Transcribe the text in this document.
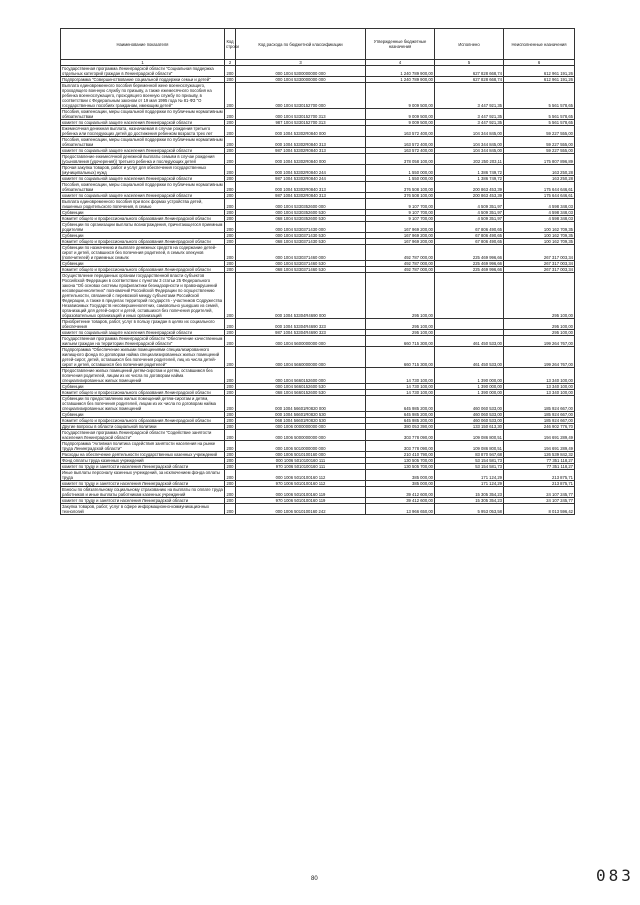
Наименование показателя	Код строки	Код расхода по бюджетной классификации	Утвержденные бюджетные назначения	Исполнено	Неисполненные назначения
1	2	3	4	5	6
Государственная программа Ленинградской области "Социальная поддержка отдельных категорий граждан в Ленинградской области"	200	000 1004 5300000000 000	1 240 789 900,00	627 828 668,74	612 961 191,26
Подпрограмма "Совершенствование социальной поддержки семьи и детей"	200	000 1004 5330000000 000	1 240 789 900,00	627 828 668,74	612 961 191,26
Выплата единовременного пособия беременной жене военнослужащего, проходящего военную службу по призыву, а также ежемесячного пособия на ребенка военнослужащего, проходящего военную службу по призыву, в соответствии с Федеральным законом от 19 мая 1995 года № 81-ФЗ "О государственных пособиях гражданам, имеющим детей"	200	000 1004 5330152700 000	9 009 500,00	3 447 921,35	5 561 578,65
Пособия, компенсации, меры социальной поддержки по публичным нормативным обязательствам	200	000 1004 5330152700 313	9 009 500,00	3 447 921,35	5 561 578,65
комитет по социальной защите населения Ленинградской области	200	987 1004 5330152700 313	9 009 500,00	3 447 921,35	5 561 578,65
Ежемесячная денежная выплата, назначаемая в случае рождения третьего ребенка или последующих детей до достижения ребенком возраста трех лет	200	000 1004 53302R0840 000	163 572 400,00	104 344 845,00	59 227 555,00
Пособия, компенсации, меры социальной поддержки по публичным нормативным обязательствам	200	000 1004 53302R0840 313	163 572 400,00	104 344 845,00	59 227 555,00
комитет по социальной защите населения Ленинградской области	200	987 1004 53302R0840 313	163 572 400,00	104 344 845,00	59 227 555,00
Предоставление ежемесячной денежной выплаты семьям в случае рождения (усыновления (удочерения)) третьего ребенка и последующих детей	200	000 1004 53302R0840 000	378 058 100,00	202 250 203,11	175 807 896,89
Прочая закупка товаров, работ и услуг для обеспечения государственных (муниципальных) нужд	200	000 1004 53302R0840 244	1 550 000,00	1 386 749,72	163 250,28
комитет по социальной защите населения Ленинградской области	200	987 1004 53302R0840 244	1 550 000,00	1 386 749,72	163 250,28
Пособия, компенсации, меры социальной поддержки по публичным нормативным обязательствам	200	000 1004 53302R0840 313	376 508 100,00	200 863 453,39	175 644 646,61
комитет по социальной защите населения Ленинградской области	200	987 1004 53302R0840 313	376 508 100,00	200 863 453,39	175 644 646,61
Выплата единовременного пособия при всех формах устройства детей, лишенных родительского попечения, в семью	200	000 1004 5330352600 000	9 107 700,00	4 509 351,97	4 598 348,03
Субвенции	200	000 1004 5330352600 530	9 107 700,00	4 509 351,97	4 598 348,03
Комитет общего и профессионального образования Ленинградской области	200	068 1004 5330352600 530	9 107 700,00	4 509 351,97	4 598 348,03
Субвенции по организации выплаты вознаграждения, причитающегося приемным родителям	200	000 1004 5330371430 000	167 969 200,00	67 806 490,65	100 162 709,35
Субвенции	200	000 1004 5330371430 530	167 969 200,00	67 806 490,65	100 162 709,35
Комитет общего и профессионального образования Ленинградской области	200	068 1004 5330371430 530	167 969 200,00	67 806 490,65	100 162 709,35
Субвенции по назначению и выплате денежных средств на содержание детей-сирот и детей, оставшихся без попечения родителей, в семьях опекунов (попечителей) и приемных семьях	200	000 1004 5330371460 000	492 787 000,00	225 469 996,66	267 317 003,34
Субвенции	200	000 1004 5330371460 530	492 787 000,00	225 469 996,66	267 317 003,34
Комитет общего и профессионального образования Ленинградской области	200	068 1004 5330371460 530	492 787 000,00	225 469 996,66	267 317 003,34
Осуществление переданных органам государственной власти субъектов Российской Федерации в соответствии с пунктом 3 статьи 25 Федерального закона "Об основах системы профилактики безнадзорности и правонарушений несовершеннолетних" полномочий Российской Федерации по осуществлению деятельности, связанной с перевозкой между субъектами Российской Федерации, а также в пределах территорий государств - участников Содружества Независимых Государств несовершеннолетних, самовольно ушедших из семей, организаций для детей-сирот и детей, оставшихся без попечения родителей, образовательных организаций и иных организаций	200	000 1004 53304R4690 000	295 100,00		295 100,00
Приобретение товаров, работ, услуг в пользу граждан в целях их социального обеспечения	200	000 1004 53304R4690 323	295 100,00		295 100,00
комитет по социальной защите населения Ленинградской области	200	987 1004 53304R4690 323	295 100,00		295 100,00
Государственная программа Ленинградской области "Обеспечение качественным жильем граждан на территории Ленинградской области"	200	000 1004 5600000000 000	660 715 300,00	461 450 533,00	199 264 767,00
Подпрограмма "Обеспечение жилыми помещениями специализированного жилищного фонда по договорам найма специализированных жилых помещений детей-сирот, детей, оставшихся без попечения родителей, лиц из числа детей-сирот и детей, оставшихся без попечения родителей"	200	000 1004 5660000000 000	660 715 300,00	461 450 533,00	199 264 767,00
Предоставление жилых помещений детям-сиротам и детям, оставшимся без попечения родителей, лицам из их числа по договорам найма специализированных жилых помещений	200	000 1004 5660152600 000	14 730 100,00	1 390 000,00	13 340 100,00
Субвенции	200	000 1004 5660152600 530	14 730 100,00	1 390 000,00	13 340 100,00
Комитет общего и профессионального образования Ленинградской области	200	068 1004 5660152600 530	14 730 100,00	1 390 000,00	13 340 100,00
Субвенции по предоставлению жилых помещений детям-сиротам и детям, оставшимся без попечения родителей, лицам из их числа по договорам найма специализированных жилых помещений	200	000 1004 56601R0820 000	645 985 200,00	460 060 533,00	185 924 667,00
Субвенции	200	000 1004 56601R0820 530	645 985 200,00	460 060 533,00	185 924 667,00
Комитет общего и профессионального образования Ленинградской области	200	068 1004 56601R0820 530	645 985 200,00	460 060 533,00	185 924 667,00
Другие вопросы в области социальной политики	200	000 1006 0000000000 000	380 053 390,00	133 150 613,30	246 902 776,70
Государственная программа Ленинградской области "Содействие занятости населения Ленинградской области"	200	000 1006 5000000000 000	303 778 090,00	109 086 800,51	194 691 289,49
Подпрограмма "Активная политика содействия занятости населения на рынке труда Ленинградской области"	200	000 1006 5010000000 000	303 778 090,00	109 086 800,51	194 691 289,49
Расходы на обеспечение деятельности государственных казенных учреждений	200	000 1006 5010100160 000	210 410 790,00	83 870 947,68	126 539 842,32
Фонд оплаты труда казенных учреждений	200	000 1006 5010100160 111	130 505 700,00	53 154 581,73	77 351 118,27
комитет по труду и занятости населения Ленинградской области	200	970 1006 5010100160 111	130 505 700,00	53 154 581,73	77 351 118,27
Иные выплаты персоналу казенных учреждений, за исключением фонда оплаты труда	200	000 1006 5010100160 112	385 000,00	171 124,29	213 875,71
комитет по труду и занятости населения Ленинградской области	200	970 1006 5010100160 112	385 000,00	171 124,29	213 875,71
Взносы по обязательному социальному страхованию на выплаты по оплате труда работников и иные выплаты работникам казенных учреждений	200	000 1006 5010100160 119	39 412 600,00	15 305 354,23	24 107 245,77
комитет по труду и занятости населения Ленинградской области	200	970 1006 5010100160 119	39 412 600,00	15 305 354,23	24 107 245,77
Закупка товаров, работ, услуг в сфере информационно-коммуникационных технологий	200	000 1006 5010100160 242	13 966 650,00	5 953 053,58	8 013 596,42
80	083
